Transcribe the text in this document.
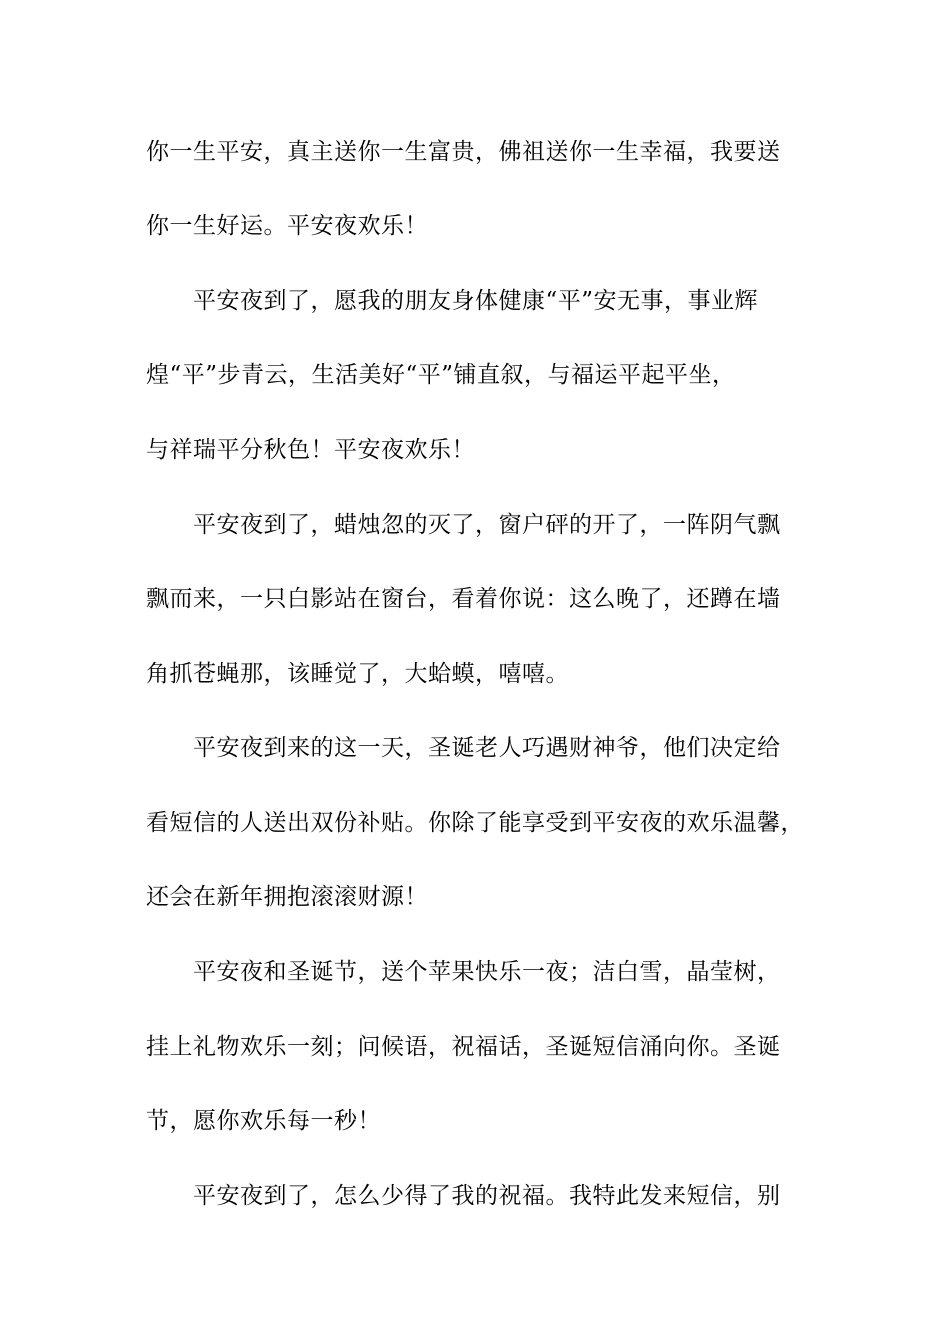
你一生平安，真主送你一生富贵，佛祖送你一生幸福，我要送
你一生好运。平安夜欢乐！
平安夜到了，愿我的朋友身体健康“平”安无事，事业辉
煌“平”步青云，生活美好“平”铺直叙，与福运平起平坐，
与祥瑞平分秋色！平安夜欢乐！
平安夜到了，蜡烛忽的灭了，窗户砰的开了，一阵阴气飘
飘而来，一只白影站在窗台，看着你说：这么晚了，还蹲在墙
角抓苍蝇那，该睡觉了，大蛤蟆，嘻嘻。
平安夜到来的这一天，圣诞老人巧遇财神爷，他们决定给
看短信的人送出双份补贴。你除了能享受到平安夜的欢乐温馨，
还会在新年拥抱滚滚财源！
平安夜和圣诞节，送个苹果快乐一夜；洁白雪，晶莹树，
挂上礼物欢乐一刻；问候语，祝福话，圣诞短信涌向你。圣诞
节，愿你欢乐每一秒！
平安夜到了，怎么少得了我的祝福。我特此发来短信，别
